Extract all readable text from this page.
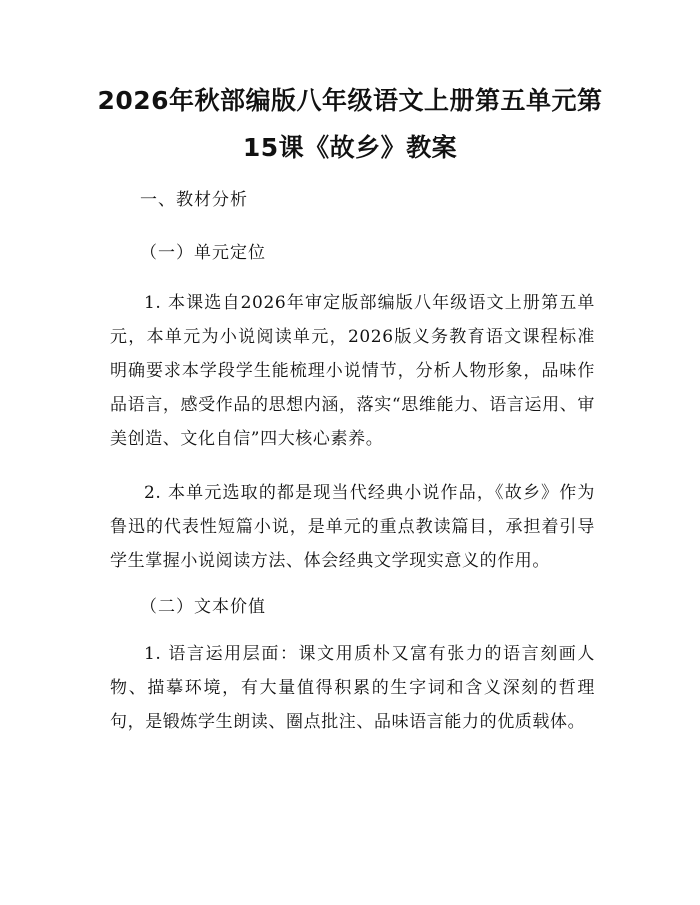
2026年秋部编版八年级语文上册第五单元第
15课《故乡》教案

一、教材分析

（一）单元定位

1. 本课选自2026年审定版部编版八年级语文上册第五单元，本单元为小说阅读单元，2026版义务教育语文课程标准明确要求本学段学生能梳理小说情节，分析人物形象，品味作品语言，感受作品的思想内涵，落实“思维能力、语言运用、审美创造、文化自信”四大核心素养。

2. 本单元选取的都是现当代经典小说作品，《故乡》作为鲁迅的代表性短篇小说，是单元的重点教读篇目，承担着引导学生掌握小说阅读方法、体会经典文学现实意义的作用。

（二）文本价值

1. 语言运用层面：课文用质朴又富有张力的语言刻画人物、描摹环境，有大量值得积累的生字词和含义深刻的哲理句，是锻炼学生朗读、圈点批注、品味语言能力的优质载体。
